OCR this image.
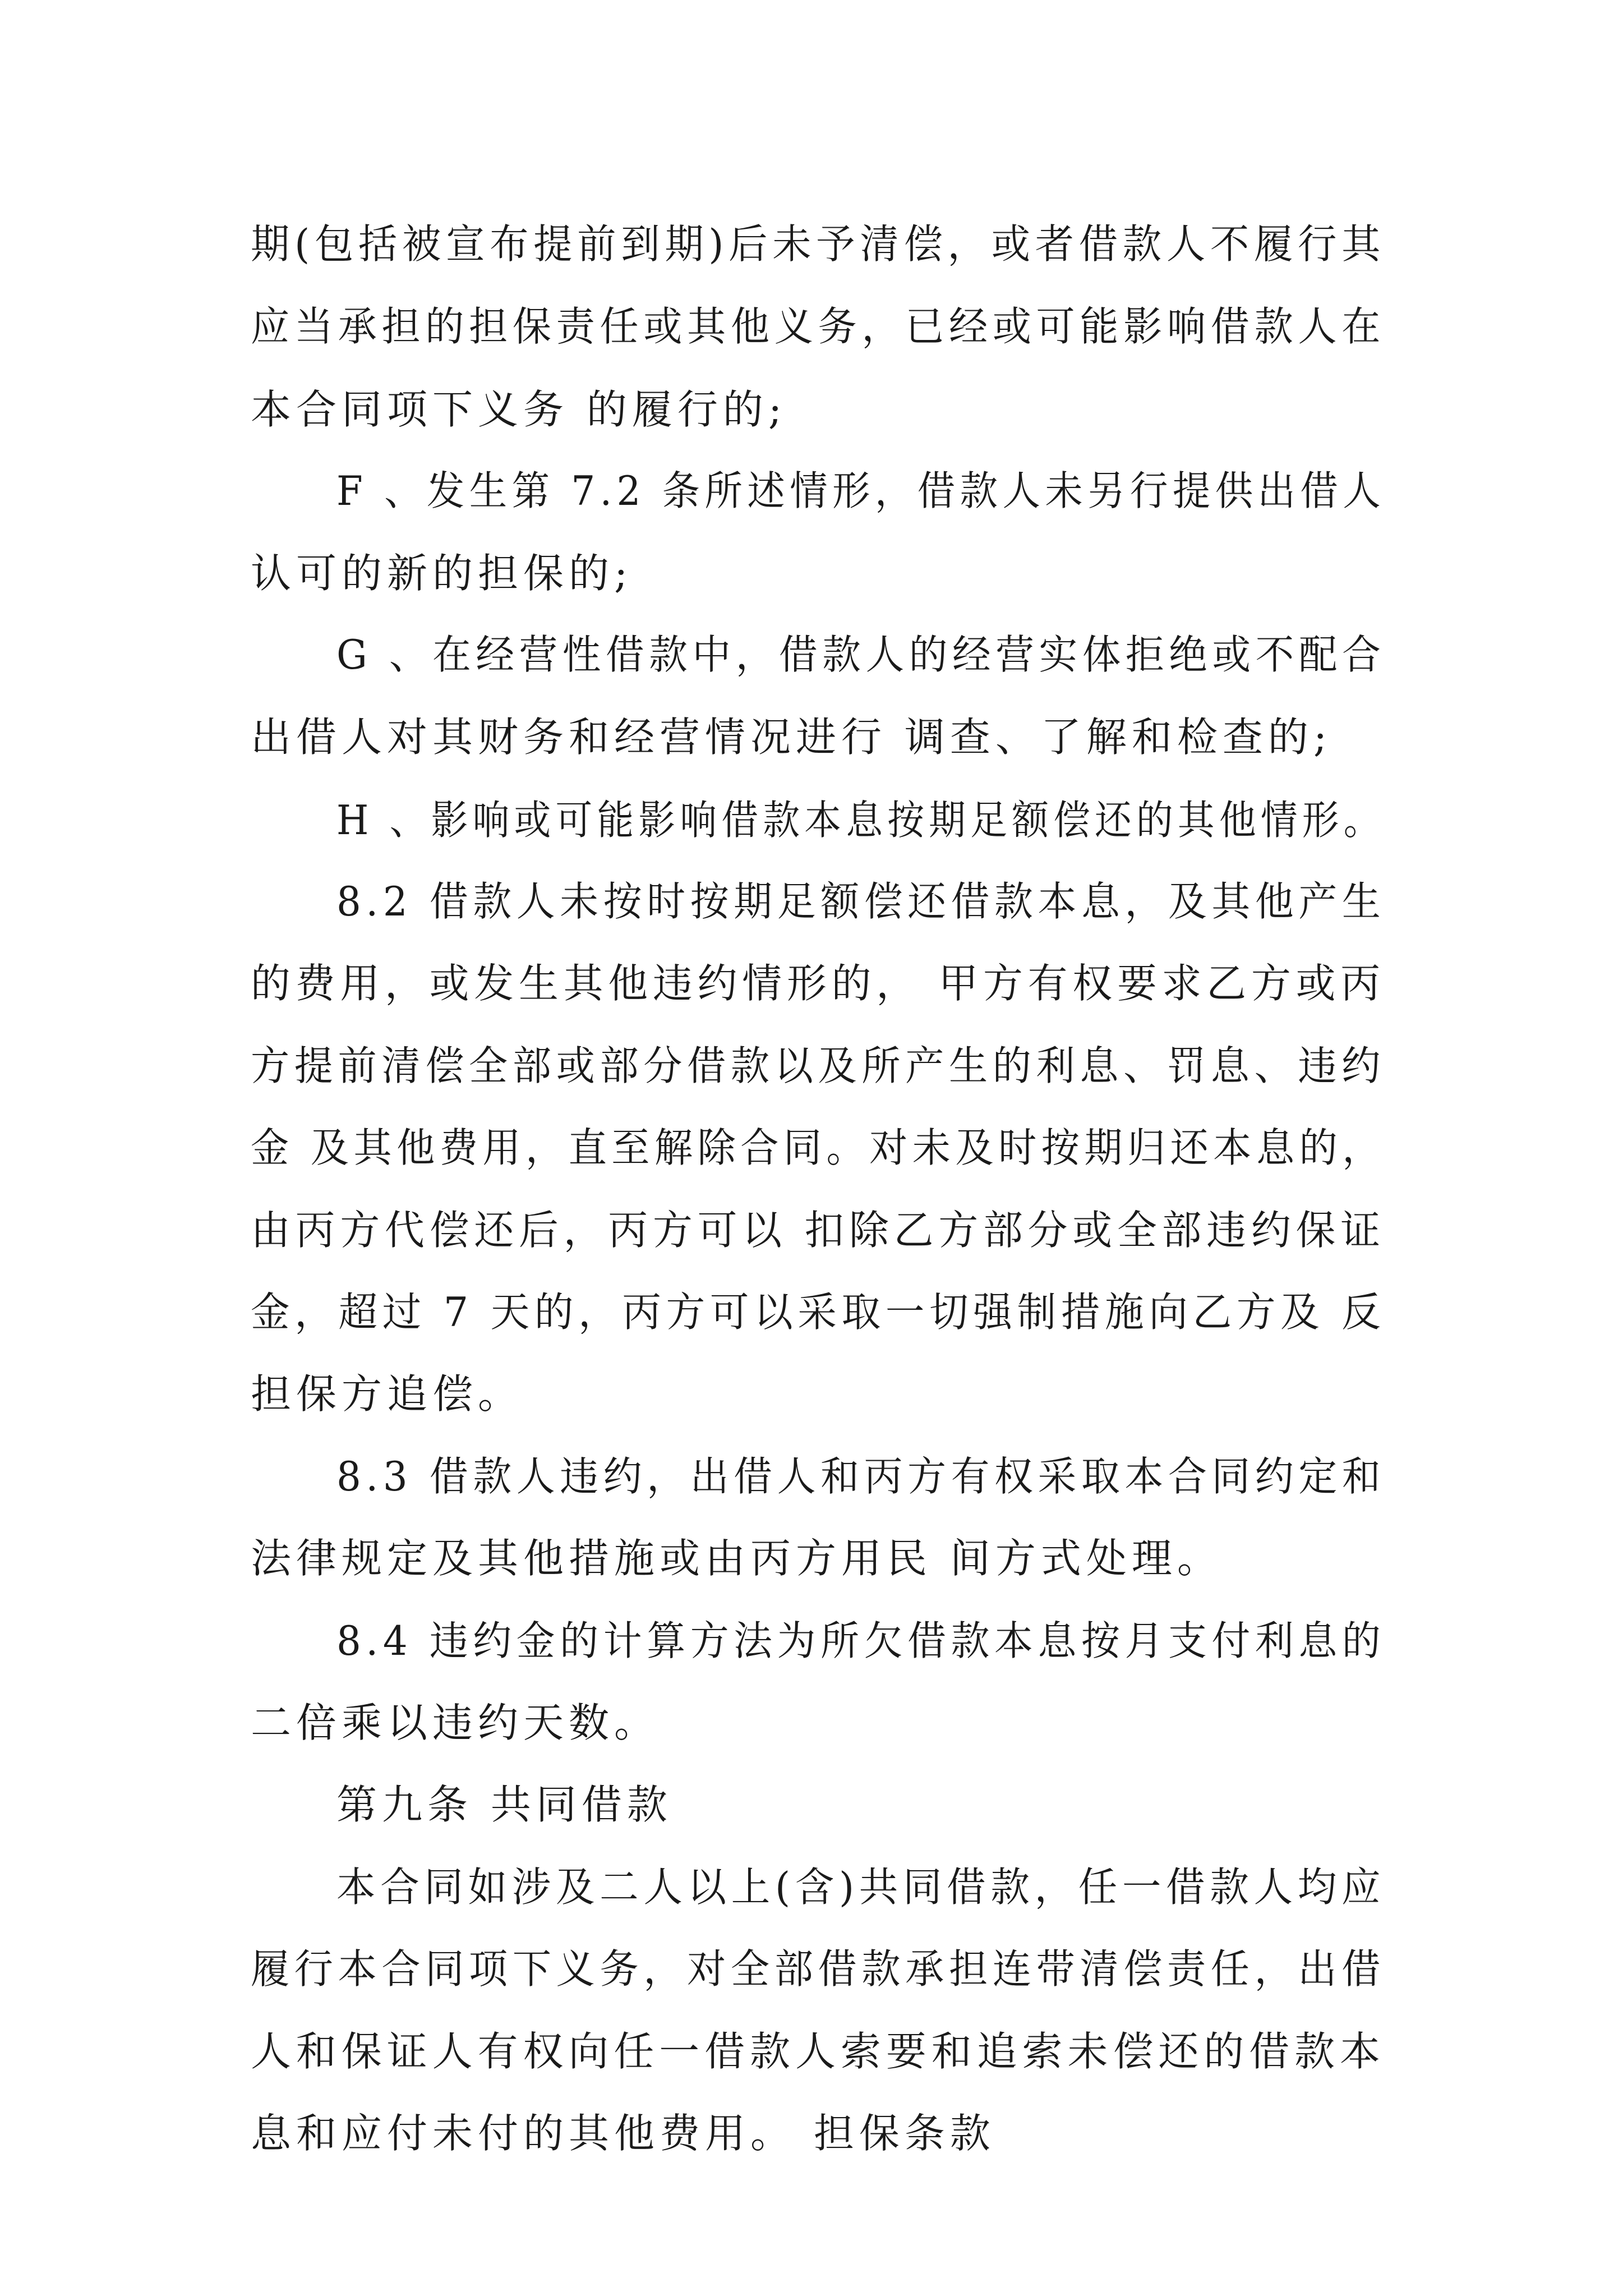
期(包括被宣布提前到期)后未予清偿，或者借款人不履行其
应当承担的担保责任或其他义务，已经或可能影响借款人在
本合同项下义务 的履行的;
F 、发生第 7.2 条所述情形，借款人未另行提供出借人
认可的新的担保的;
G 、在经营性借款中，借款人的经营实体拒绝或不配合
出借人对其财务和经营情况进行 调查、了解和检查的;
H 、影响或可能影响借款本息按期足额偿还的其他情形。
8.2 借款人未按时按期足额偿还借款本息，及其他产生
的费用，或发生其他违约情形的， 甲方有权要求乙方或丙
方提前清偿全部或部分借款以及所产生的利息、罚息、违约
金 及其他费用，直至解除合同。对未及时按期归还本息的，
由丙方代偿还后，丙方可以 扣除乙方部分或全部违约保证
金，超过 7 天的，丙方可以采取一切强制措施向乙方及 反
担保方追偿。
8.3 借款人违约，出借人和丙方有权采取本合同约定和
法律规定及其他措施或由丙方用民 间方式处理。
8.4 违约金的计算方法为所欠借款本息按月支付利息的
二倍乘以违约天数。
第九条 共同借款
本合同如涉及二人以上(含)共同借款，任一借款人均应
履行本合同项下义务，对全部借款承担连带清偿责任，出借
人和保证人有权向任一借款人索要和追索未偿还的借款本
息和应付未付的其他费用。 担保条款
